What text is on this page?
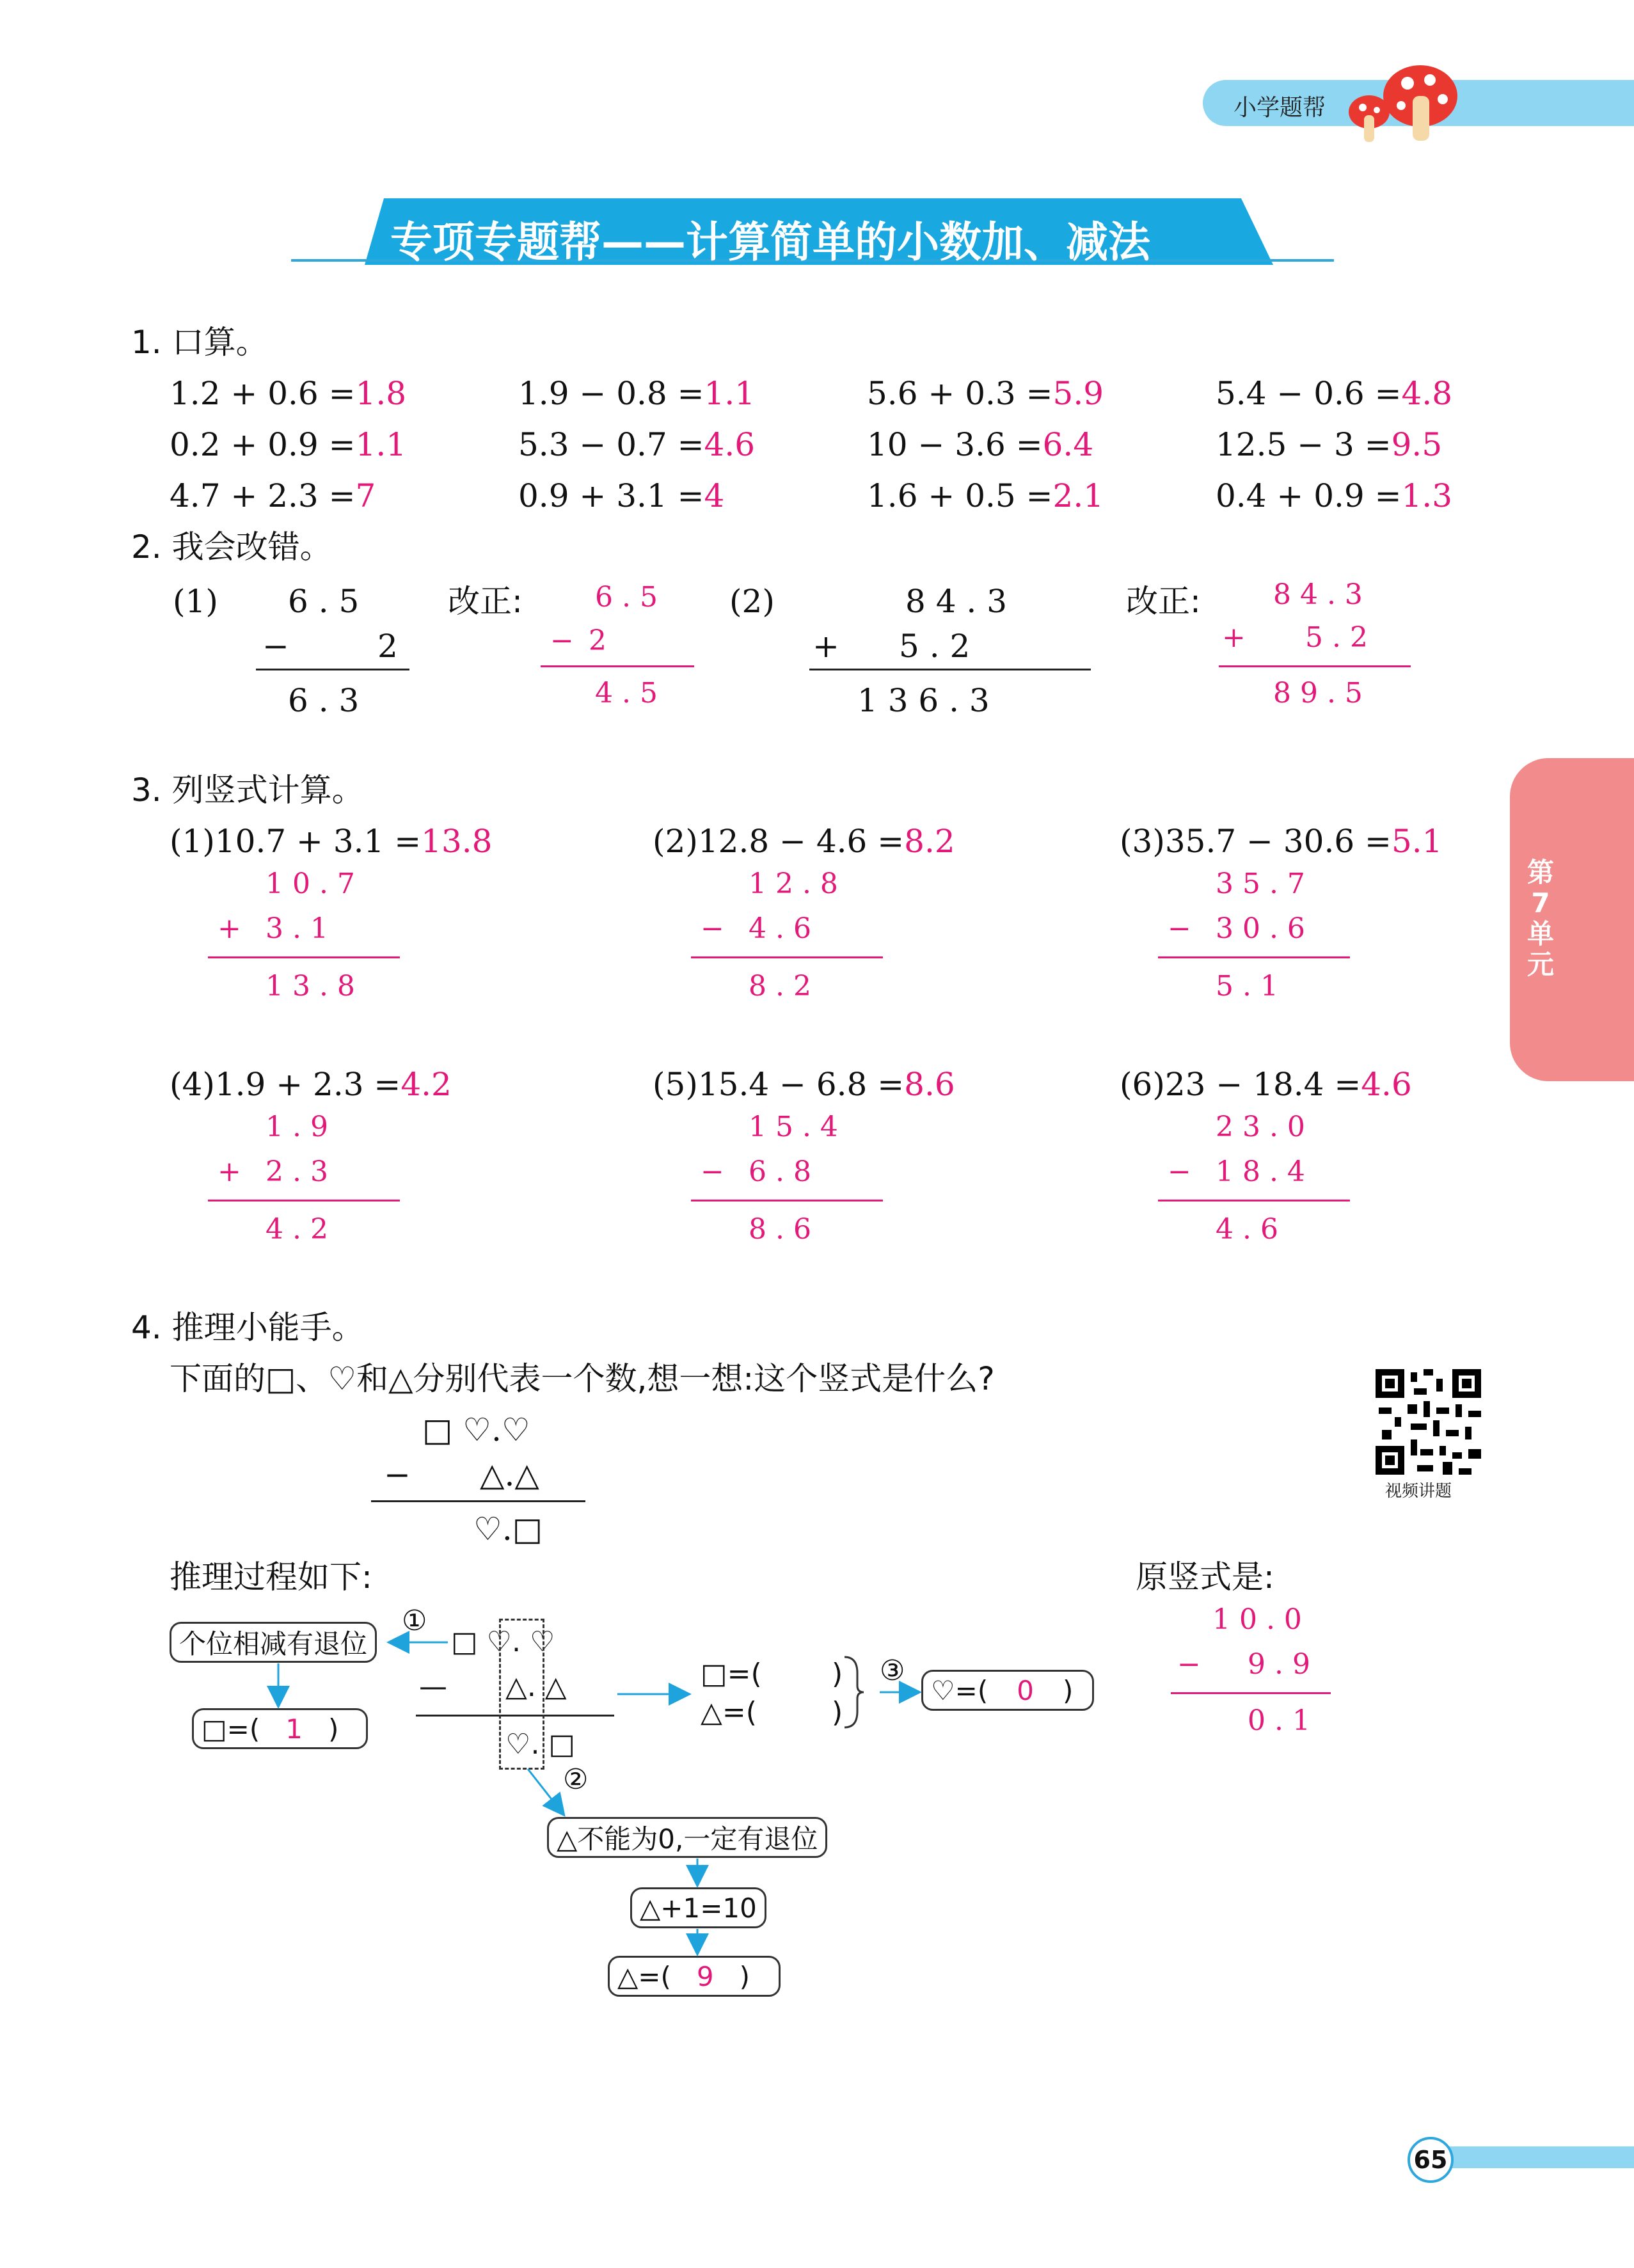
小学题帮
专项专题帮——计算简单的小数加、减法
第7单元
1. 口算。
1.2 + 0.6 =1.8	1.9 − 0.8 =1.1	5.6 + 0.3 =5.9	5.4 − 0.6 =4.8
0.2 + 0.9 =1.1	5.3 − 0.7 =4.6	10 − 3.6 =6.4	12.5 − 3 =9.5
4.7 + 2.3 =7	0.9 + 3.1 =4	1.6 + 0.5 =2.1	0.4 + 0.9 =1.3
2. 我会改错。
(1) 6 . 5
−	2
6 . 3
改正:	6 . 5
− 2
4 . 5
(2)	8 4 . 3
+ 5 . 2
1 3 6 . 3
改正:	8 4 . 3
+ 5 . 2
8 9 . 5
3. 列竖式计算。
(1)10.7 + 3.1 =13.8
1 0 . 7
+ 3 . 1
1 3 . 8
(2)12.8 − 4.6 =8.2
1 2 . 8
− 4 . 6
8 . 2
(3)35.7 − 30.6 =5.1
3 5 . 7
− 3 0 . 6
5 . 1
(4)1.9 + 2.3 =4.2
1 . 9
+ 2 . 3
4 . 2
(5)15.4 − 6.8 =8.6
1 5 . 4
− 6 . 8
8 . 6
(6)23 − 18.4 =4.6
2 3 . 0
− 1 8 . 4
4 . 6
4. 推理小能手。
下面的□、♡和△分别代表一个数,想一想:这个竖式是什么?
□ ♡.♡
− △.△
♡.□
视频讲题
推理过程如下:	原竖式是:
个位相减有退位
①
□=( 1 )
□ ♡. ♡
— △. △
♡. □
□=( )
△=(	)
③
♡=( 0 )
②
△不能为0,一定有退位
△+1=10
△=( 9 )
1 0 . 0
− 9 . 9
0 . 1
65
